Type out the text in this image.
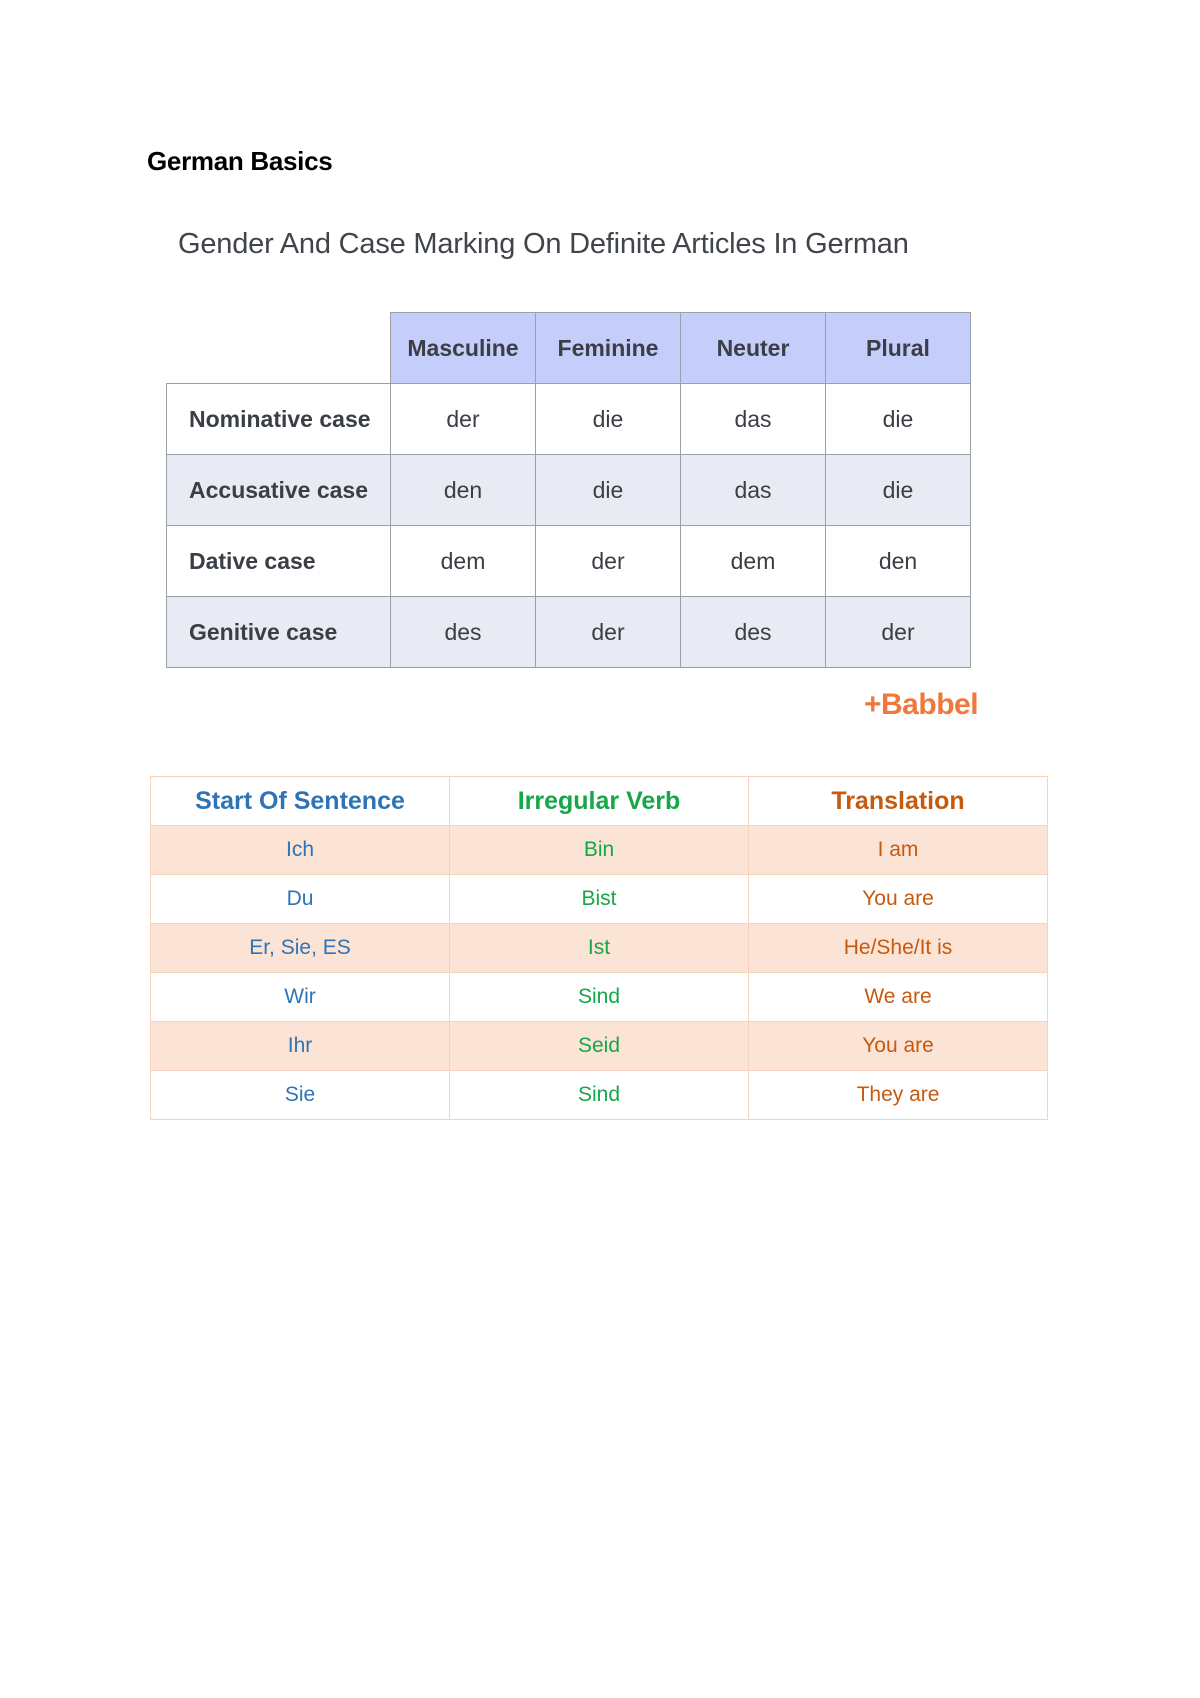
German Basics
Gender And Case Marking On Definite Articles In German
	Masculine	Feminine	Neuter	Plural
Nominative case	der	die	das	die
Accusative case	den	die	das	die
Dative case	dem	der	dem	den
Genitive case	des	der	des	der
+Babbel
Start Of Sentence	Irregular Verb	Translation
Ich	Bin	I am
Du	Bist	You are
Er, Sie, ES	Ist	He/She/It is
Wir	Sind	We are
Ihr	Seid	You are
Sie	Sind	They are
